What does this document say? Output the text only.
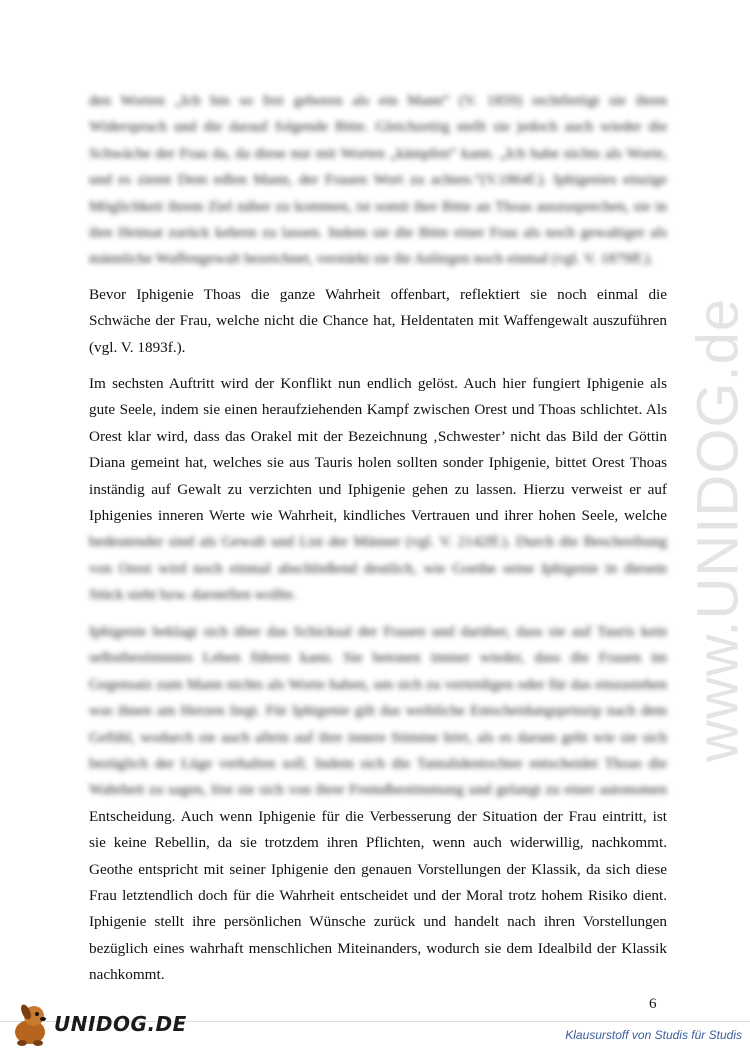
www.UNIDOG.de
den Worten „Ich bin so frei geboren als ein Mann“ (V. 1859) rechtfertigt sie ihren
Widerspruch und die darauf folgende Bitte. Gleichzeitig stellt sie jedoch auch wieder die
Schwäche der Frau da, da diese nur mit Worten „kämpfen“ kann. „Ich habe nichts als Worte,
und es ziemt Dem edlen Mann, der Frauen Wort zu achten.“(V.1864f.). Iphigenies einzige
Möglichkeit ihrem Ziel näher zu kommen, ist somit ihre Bitte an Thoas auszusprechen, sie in
ihre Heimat zurück kehren zu lassen. Indem sie die Bitte einer Frau als noch gewaltiger als
männliche Waffengewalt bezeichnet, verstärkt sie ihr Anliegen noch einmal (vgl. V. 1879ff.).
Bevor Iphigenie Thoas die ganze Wahrheit offenbart, reflektiert sie noch einmal die
Schwäche der Frau, welche nicht die Chance hat, Heldentaten mit Waffengewalt auszuführen
(vgl. V. 1893f.).
Im sechsten Auftritt wird der Konflikt nun endlich gelöst. Auch hier fungiert Iphigenie als
gute Seele, indem sie einen heraufziehenden Kampf zwischen Orest und Thoas schlichtet. Als
Orest klar wird, dass das Orakel mit der Bezeichnung ‚Schwester’ nicht das Bild der Göttin
Diana gemeint hat, welches sie aus Tauris holen sollten sonder Iphigenie, bittet Orest Thoas
inständig auf Gewalt zu verzichten und Iphigenie gehen zu lassen. Hierzu verweist er auf
Iphigenies inneren Werte wie Wahrheit, kindliches Vertrauen und ihrer hohen Seele, welche
bedeutender sind als Gewalt und List der Männer (vgl. V. 2142ff.). Durch die Beschreibung
von Orest wird noch einmal abschließend deutlich, wie Goethe seine Iphigenie in diesem
Stück sieht bzw. darstellen wollte.
Iphigenie beklagt sich über das Schicksal der Frauen und darüber, dass sie auf Tauris kein
selbstbestimmtes Leben führen kann. Sie betonen immer wieder, dass die Frauen im
Gegensatz zum Mann nichts als Worte haben, um sich zu verteidigen oder für das einzustehen
was ihnen am Herzen liegt. Für Iphigenie gilt das weibliche Entscheidungsprinzip nach dem
Gefühl, wodurch sie auch allein auf ihre innere Stimme hört, als es darum geht wie sie sich
bezüglich der Lüge verhalten soll. Indem sich die Tantalidentochter entscheidet Thoas die
Wahrheit zu sagen, löst sie sich von ihrer Fremdbestimmung und gelangt zu einer autonomen
Entscheidung. Auch wenn Iphigenie für die Verbesserung der Situation der Frau eintritt, ist
sie keine Rebellin, da sie trotzdem ihren Pflichten, wenn auch widerwillig, nachkommt.
Geothe entspricht mit seiner Iphigenie den genauen Vorstellungen der Klassik, da sich diese
Frau letztendlich doch für die Wahrheit entscheidet und der Moral trotz hohem Risiko dient.
Iphigenie stellt ihre persönlichen Wünsche zurück und handelt nach ihren Vorstellungen
bezüglich eines wahrhaft menschlichen Miteinanders, wodurch sie dem Idealbild der Klassik
nachkommt.
6
UNIDOG.DE	Klausurstoff von Studis für Studis
